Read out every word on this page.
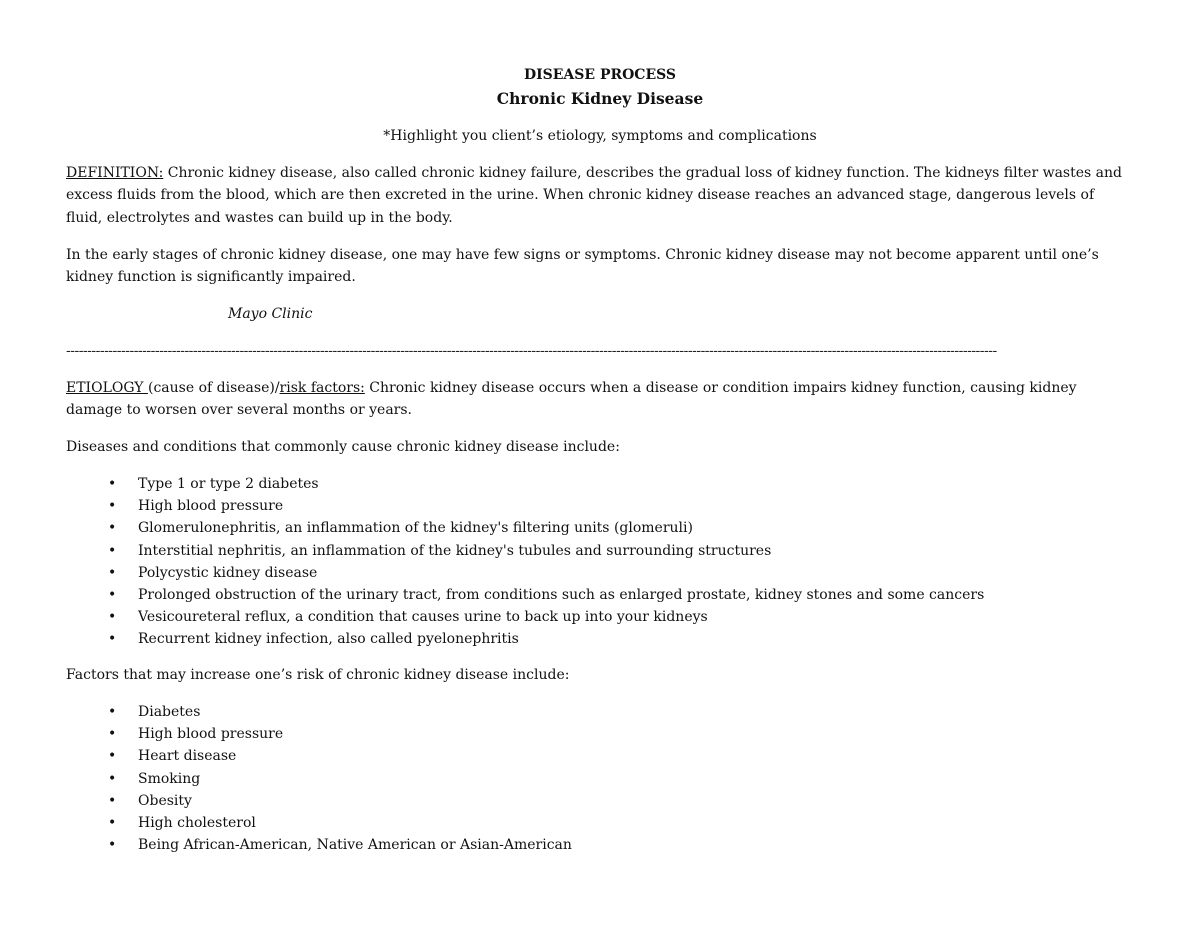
DISEASE PROCESS

Chronic Kidney Disease

*Highlight you client’s etiology, symptoms and complications

DEFINITION: Chronic kidney disease, also called chronic kidney failure, describes the gradual loss of kidney function. The kidneys filter wastes and excess fluids from the blood, which are then excreted in the urine. When chronic kidney disease reaches an advanced stage, dangerous levels of fluid, electrolytes and wastes can build up in the body.

In the early stages of chronic kidney disease, one may have few signs or symptoms. Chronic kidney disease may not become apparent until one’s kidney function is significantly impaired.

Mayo Clinic

----------------------------------------------------------------------------------------------------------------------------------------------------------------------------------------------------------------------------

ETIOLOGY (cause of disease)/risk factors: Chronic kidney disease occurs when a disease or condition impairs kidney function, causing kidney damage to worsen over several months or years.

Diseases and conditions that commonly cause chronic kidney disease include:

• Type 1 or type 2 diabetes
• High blood pressure
• Glomerulonephritis, an inflammation of the kidney's filtering units (glomeruli)
• Interstitial nephritis, an inflammation of the kidney's tubules and surrounding structures
• Polycystic kidney disease
• Prolonged obstruction of the urinary tract, from conditions such as enlarged prostate, kidney stones and some cancers
• Vesicoureteral reflux, a condition that causes urine to back up into your kidneys
• Recurrent kidney infection, also called pyelonephritis

Factors that may increase one’s risk of chronic kidney disease include:

• Diabetes
• High blood pressure
• Heart disease
• Smoking
• Obesity
• High cholesterol
• Being African-American, Native American or Asian-American
